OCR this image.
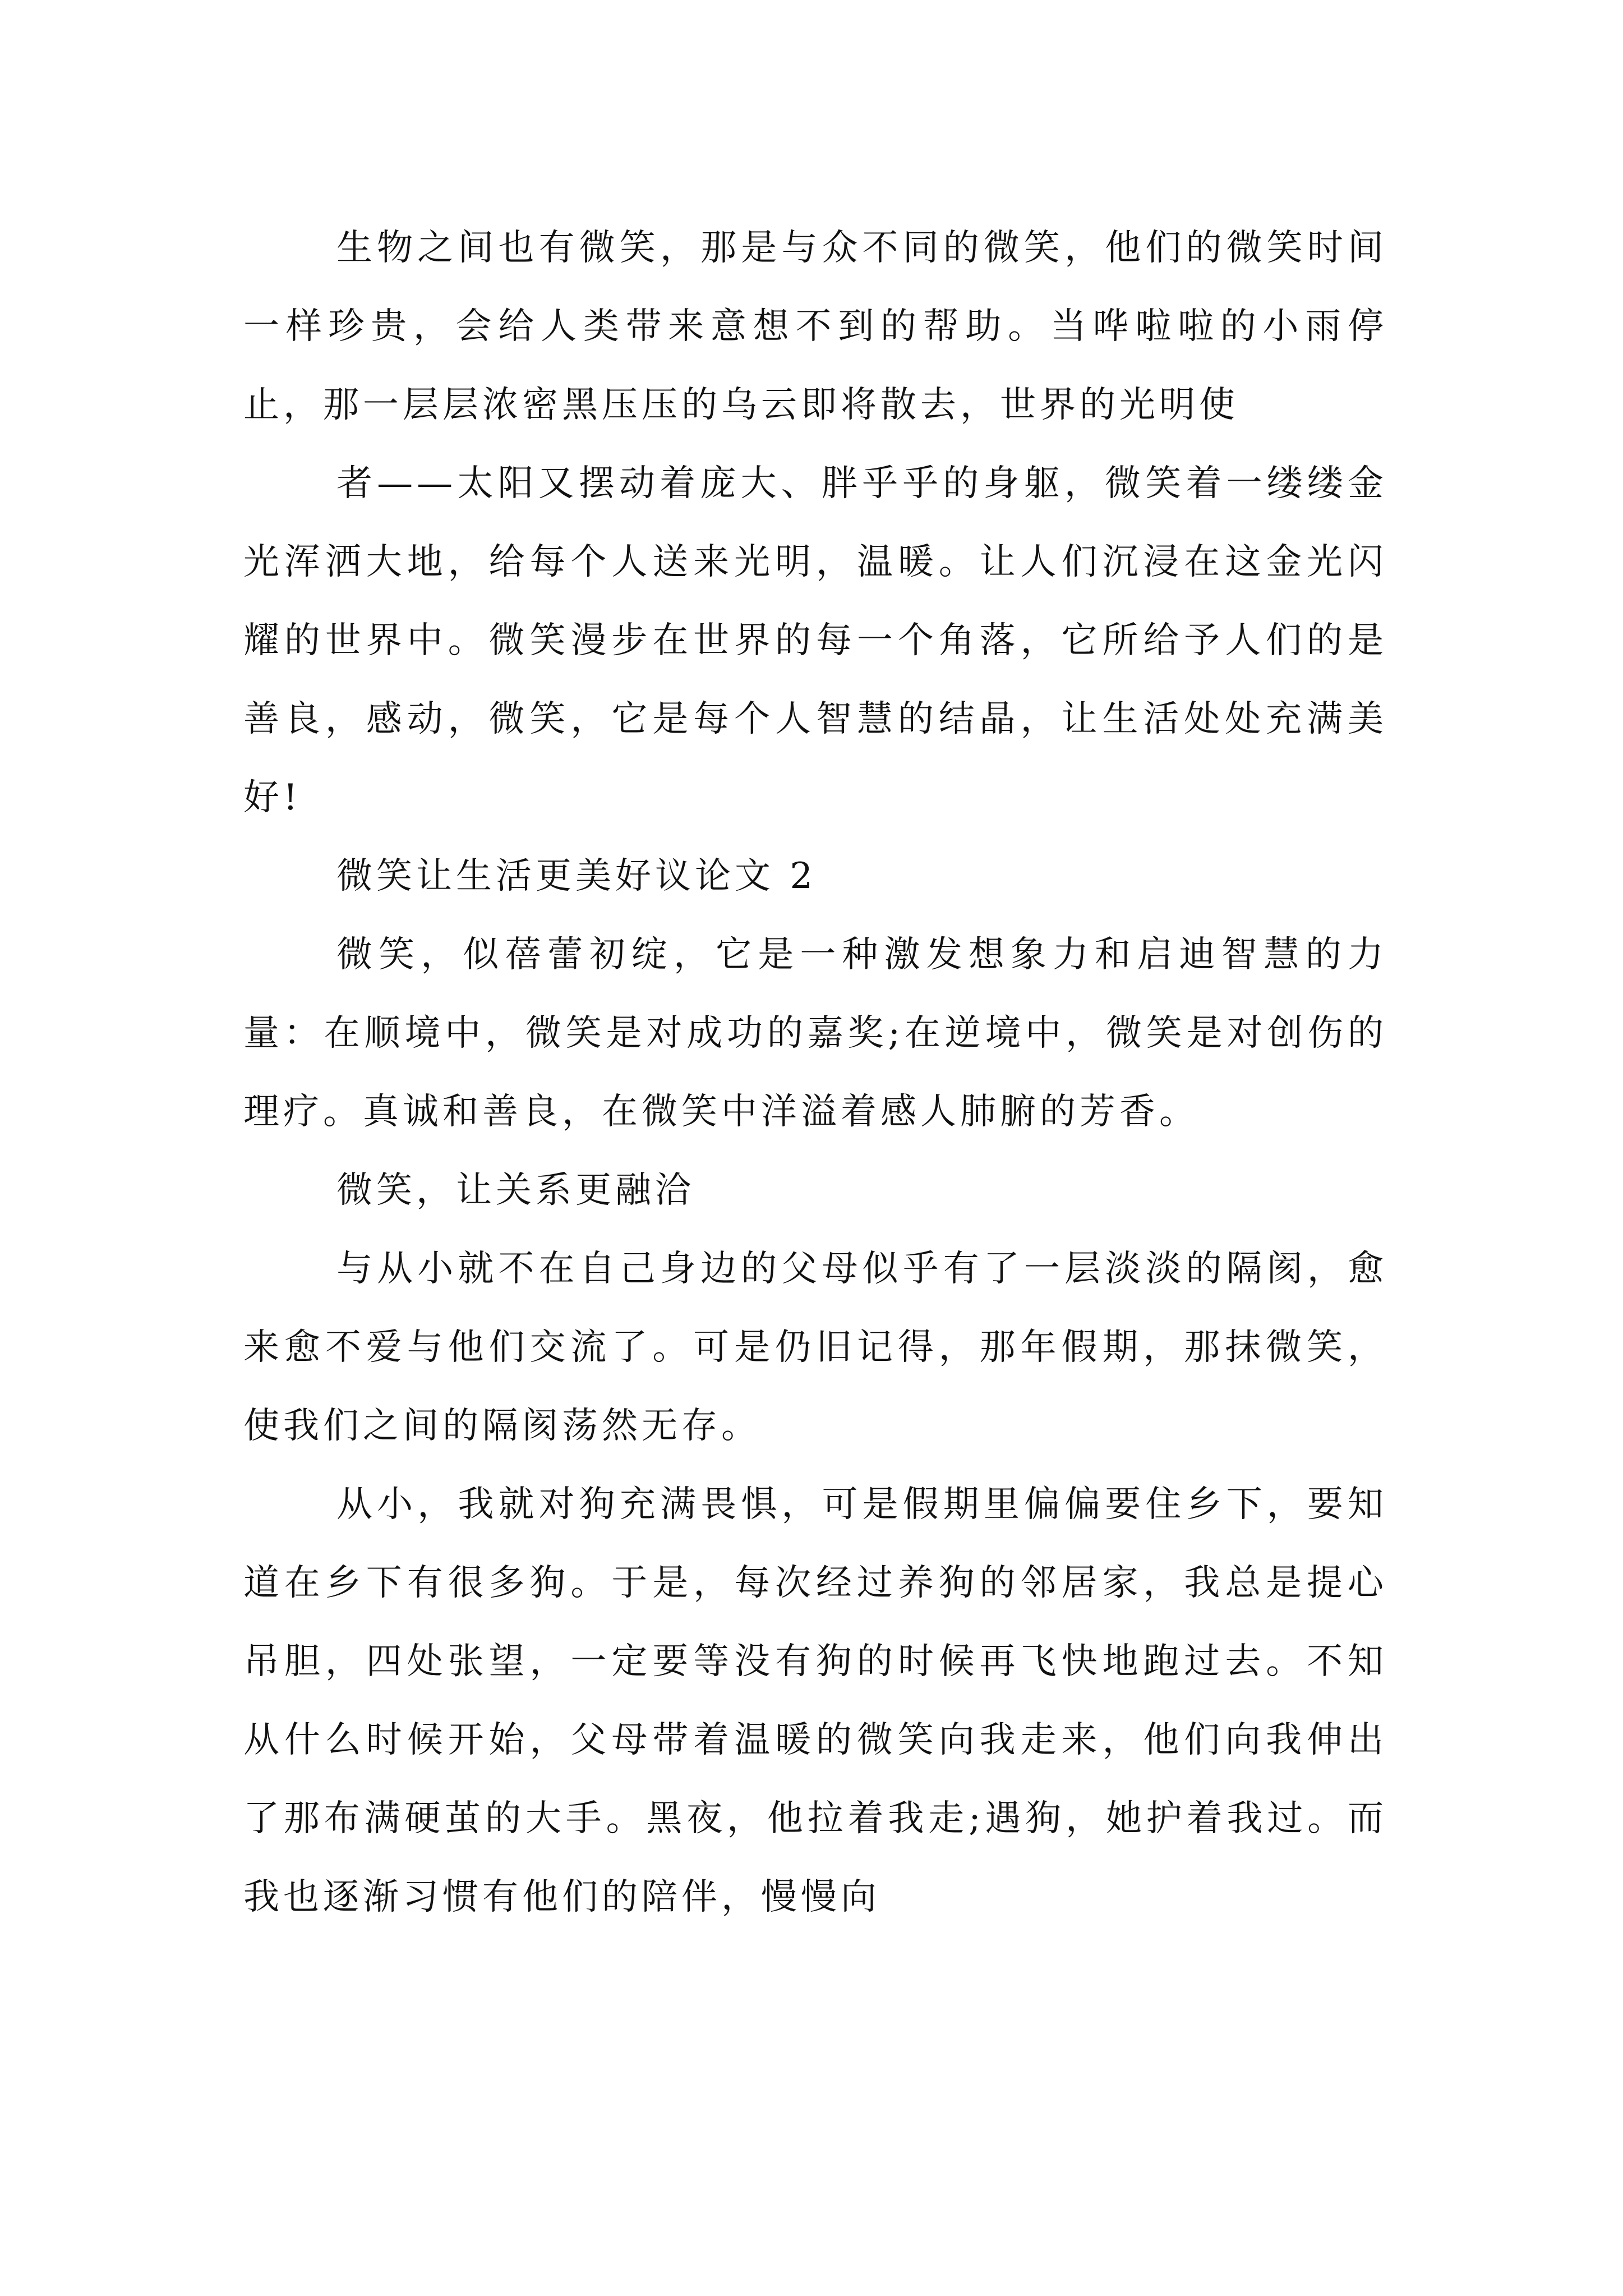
生物之间也有微笑，那是与众不同的微笑，他们的微笑时间一样珍贵，会给人类带来意想不到的帮助。当哗啦啦的小雨停止，那一层层浓密黑压压的乌云即将散去，世界的光明使

者——太阳又摆动着庞大、胖乎乎的身躯，微笑着一缕缕金光浑洒大地，给每个人送来光明，温暖。让人们沉浸在这金光闪耀的世界中。微笑漫步在世界的每一个角落，它所给予人们的是善良，感动，微笑，它是每个人智慧的结晶，让生活处处充满美好!

微笑让生活更美好议论文 2

微笑，似蓓蕾初绽，它是一种激发想象力和启迪智慧的力量：在顺境中，微笑是对成功的嘉奖;在逆境中，微笑是对创伤的理疗。真诚和善良，在微笑中洋溢着感人肺腑的芳香。

微笑，让关系更融洽

与从小就不在自己身边的父母似乎有了一层淡淡的隔阂，愈来愈不爱与他们交流了。可是仍旧记得，那年假期，那抹微笑，使我们之间的隔阂荡然无存。

从小，我就对狗充满畏惧，可是假期里偏偏要住乡下，要知道在乡下有很多狗。于是，每次经过养狗的邻居家，我总是提心吊胆，四处张望，一定要等没有狗的时候再飞快地跑过去。不知从什么时候开始，父母带着温暖的微笑向我走来，他们向我伸出了那布满硬茧的大手。黑夜，他拉着我走;遇狗，她护着我过。而我也逐渐习惯有他们的陪伴，慢慢向
